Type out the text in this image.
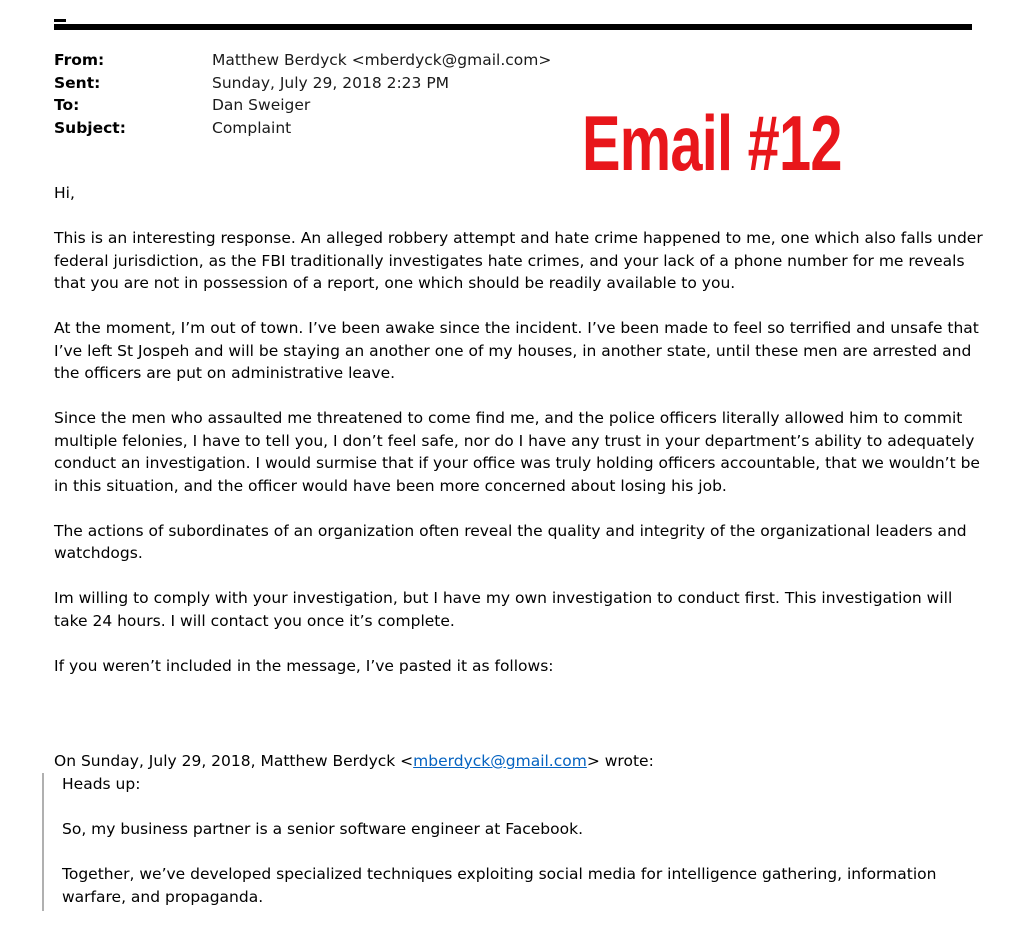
From:	Matthew Berdyck <mberdyck@gmail.com>
Sent:	Sunday, July 29, 2018 2:23 PM
To:	Dan Sweiger
Subject:	Complaint	Email #12

Hi,

This is an interesting response. An alleged robbery attempt and hate crime happened to me, one which also falls under federal jurisdiction, as the FBI traditionally investigates hate crimes, and your lack of a phone number for me reveals that you are not in possession of a report, one which should be readily available to you.

At the moment, I’m out of town. I’ve been awake since the incident. I’ve been made to feel so terrified and unsafe that I’ve left St Jospeh and will be staying an another one of my houses, in another state, until these men are arrested and the officers are put on administrative leave.

Since the men who assaulted me threatened to come find me, and the police officers literally allowed him to commit multiple felonies, I have to tell you, I don’t feel safe, nor do I have any trust in your department’s ability to adequately conduct an investigation. I would surmise that if your office was truly holding officers accountable, that we wouldn’t be in this situation, and the officer would have been more concerned about losing his job.

The actions of subordinates of an organization often reveal the quality and integrity of the organizational leaders and watchdogs.

Im willing to comply with your investigation, but I have my own investigation to conduct first. This investigation will take 24 hours. I will contact you once it’s complete.

If you weren’t included in the message, I’ve pasted it as follows:

On Sunday, July 29, 2018, Matthew Berdyck <mberdyck@gmail.com> wrote:

Heads up:

So, my business partner is a senior software engineer at Facebook.

Together, we’ve developed specialized techniques exploiting social media for intelligence gathering, information warfare, and propaganda.
